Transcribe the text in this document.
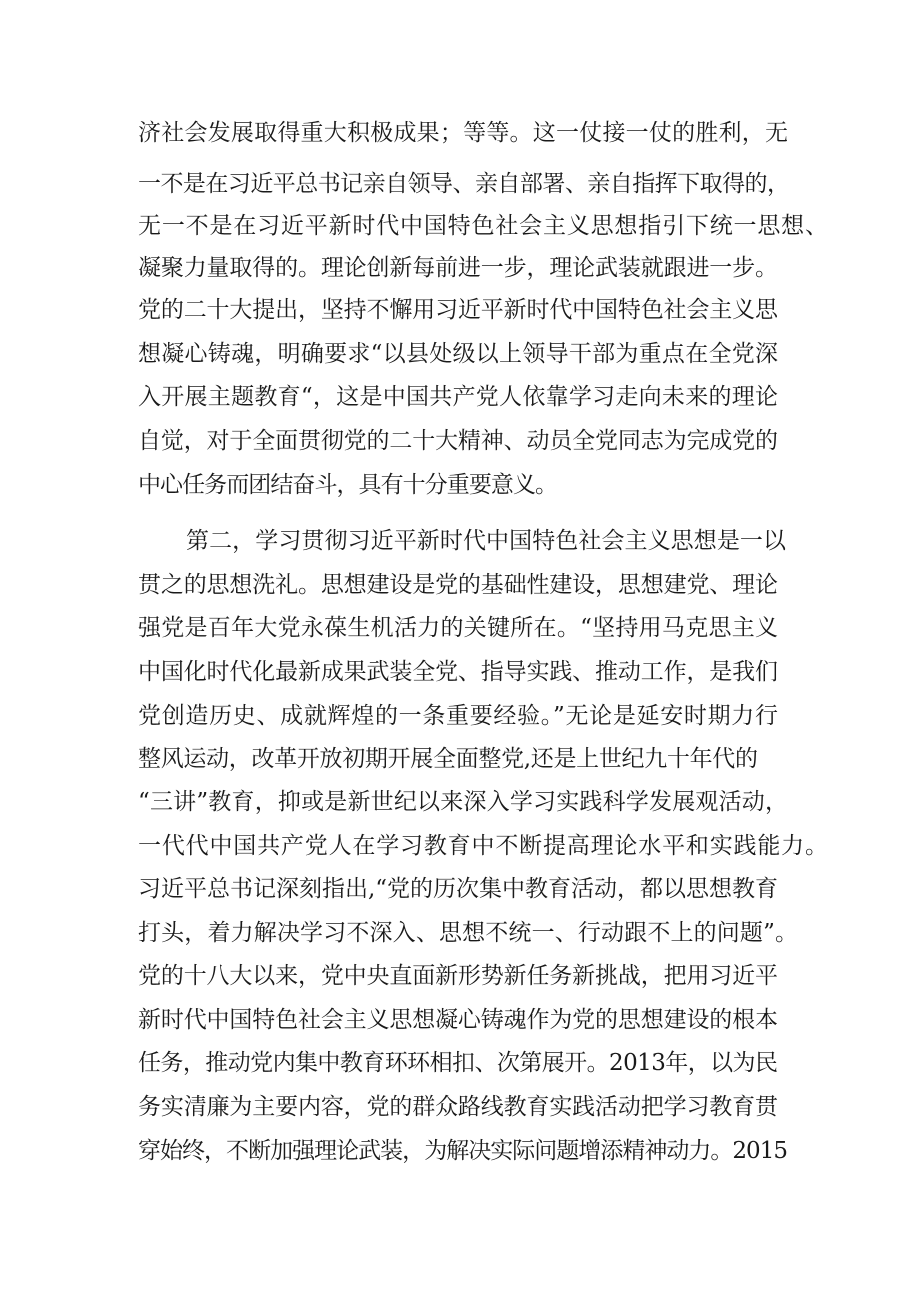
济社会发展取得重大积极成果；等等。这一仗接一仗的胜利，无
一不是在习近平总书记亲自领导、亲自部署、亲自指挥下取得的，
无一不是在习近平新时代中国特色社会主义思想指引下统一思想、
凝聚力量取得的。理论创新每前进一步，理论武装就跟进一步。
党的二十大提出，坚持不懈用习近平新时代中国特色社会主义思
想凝心铸魂，明确要求“以县处级以上领导干部为重点在全党深
入开展主题教育“，这是中国共产党人依靠学习走向未来的理论
自觉，对于全面贯彻党的二十大精神、动员全党同志为完成党的
中心任务而团结奋斗，具有十分重要意义。
第二，学习贯彻习近平新时代中国特色社会主义思想是一以
贯之的思想洗礼。思想建设是党的基础性建设，思想建党、理论
强党是百年大党永葆生机活力的关键所在。“坚持用马克思主义
中国化时代化最新成果武装全党、指导实践、推动工作，是我们
党创造历史、成就辉煌的一条重要经验。”无论是延安时期力行
整风运动，改革开放初期开展全面整党,还是上世纪九十年代的
“三讲”教育，抑或是新世纪以来深入学习实践科学发展观活动，
一代代中国共产党人在学习教育中不断提高理论水平和实践能力。
习近平总书记深刻指出,“党的历次集中教育活动，都以思想教育
打头，着力解决学习不深入、思想不统一、行动跟不上的问题”。
党的十八大以来，党中央直面新形势新任务新挑战，把用习近平
新时代中国特色社会主义思想凝心铸魂作为党的思想建设的根本
任务，推动党内集中教育环环相扣、次第展开。2013年，以为民
务实清廉为主要内容，党的群众路线教育实践活动把学习教育贯
穿始终，不断加强理论武装，为解决实际问题增添精神动力。2015
